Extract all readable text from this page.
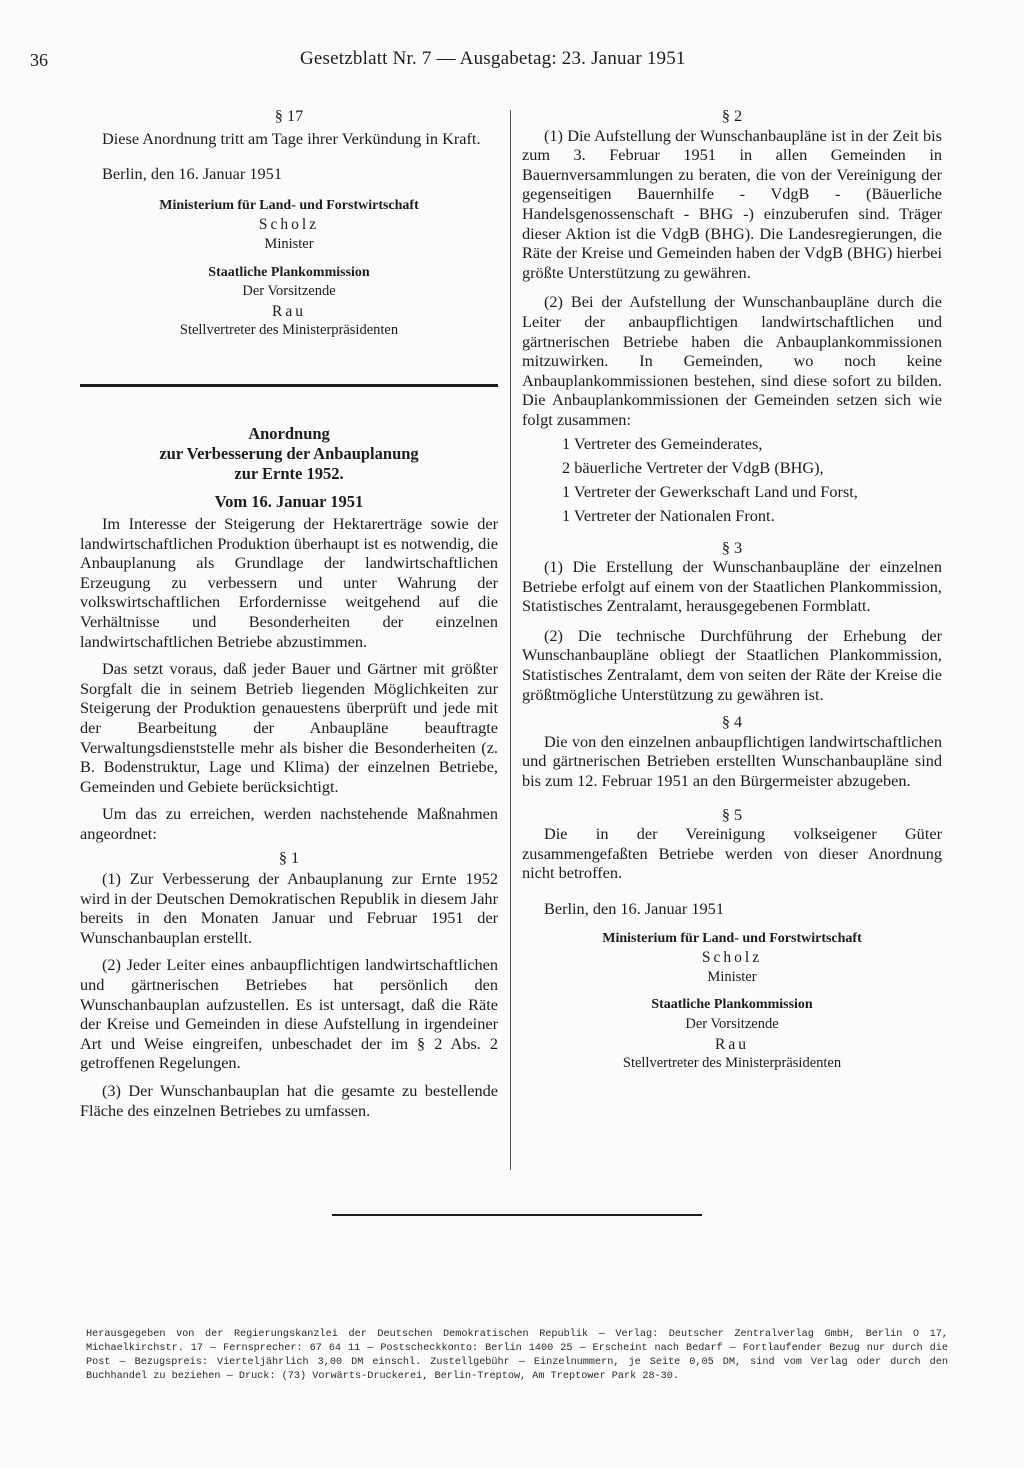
36	Gesetzblatt Nr. 7 — Ausgabetag: 23. Januar 1951
§ 17

Diese Anordnung tritt am Tage ihrer Verkündung in Kraft.

Berlin, den 16. Januar 1951

Ministerium für Land- und Forstwirtschaft
Scholz
Minister
Staatliche Plankommission
Der Vorsitzende
Rau
Stellvertreter des Ministerpräsidenten
Anordnung
zur Verbesserung der Anbauplanung
zur Ernte 1952.
Vom 16. Januar 1951

Im Interesse der Steigerung der Hektarerträge sowie der landwirtschaftlichen Produktion überhaupt ist es notwendig, die Anbauplanung als Grundlage der landwirtschaftlichen Erzeugung zu verbessern und unter Wahrung der volkswirtschaftlichen Erfordernisse weitgehend auf die Verhältnisse und Besonderheiten der einzelnen landwirtschaftlichen Betriebe abzustimmen.

Das setzt voraus, daß jeder Bauer und Gärtner mit größter Sorgfalt die in seinem Betrieb liegenden Möglichkeiten zur Steigerung der Produktion genauestens überprüft und jede mit der Bearbeitung der Anbaupläne beauftragte Verwaltungsdienststelle mehr als bisher die Besonderheiten (z. B. Bodenstruktur, Lage und Klima) der einzelnen Betriebe, Gemeinden und Gebiete berücksichtigt.

Um das zu erreichen, werden nachstehende Maßnahmen angeordnet:

§ 1

(1) Zur Verbesserung der Anbauplanung zur Ernte 1952 wird in der Deutschen Demokratischen Republik in diesem Jahr bereits in den Monaten Januar und Februar 1951 der Wunschanbauplan erstellt.

(2) Jeder Leiter eines anbaupflichtigen landwirtschaftlichen und gärtnerischen Betriebes hat persönlich den Wunschanbauplan aufzustellen. Es ist untersagt, daß die Räte der Kreise und Gemeinden in diese Aufstellung in irgendeiner Art und Weise eingreifen, unbeschadet der im § 2 Abs. 2 getroffenen Regelungen.

(3) Der Wunschanbauplan hat die gesamte zu bestellende Fläche des einzelnen Betriebes zu umfassen.

§ 2

(1) Die Aufstellung der Wunschanbaupläne ist in der Zeit bis zum 3. Februar 1951 in allen Gemeinden in Bauernversammlungen zu beraten, die von der Vereinigung der gegenseitigen Bauernhilfe - VdgB - (Bäuerliche Handelsgenossenschaft - BHG -) einzuberufen sind. Träger dieser Aktion ist die VdgB (BHG). Die Landesregierungen, die Räte der Kreise und Gemeinden haben der VdgB (BHG) hierbei größte Unterstützung zu gewähren.

(2) Bei der Aufstellung der Wunschanbaupläne durch die Leiter der anbaupflichtigen landwirtschaftlichen und gärtnerischen Betriebe haben die Anbauplankommissionen mitzuwirken. In Gemeinden, wo noch keine Anbauplankommissionen bestehen, sind diese sofort zu bilden. Die Anbauplankommissionen der Gemeinden setzen sich wie folgt zusammen:

1 Vertreter des Gemeinderates,
2 bäuerliche Vertreter der VdgB (BHG),
1 Vertreter der Gewerkschaft Land und Forst,
1 Vertreter der Nationalen Front.
§ 3

(1) Die Erstellung der Wunschanbaupläne der einzelnen Betriebe erfolgt auf einem von der Staatlichen Plankommission, Statistisches Zentralamt, herausgegebenen Formblatt.

(2) Die technische Durchführung der Erhebung der Wunschanbaupläne obliegt der Staatlichen Plankommission, Statistisches Zentralamt, dem von seiten der Räte der Kreise die größtmögliche Unterstützung zu gewähren ist.

§ 4

Die von den einzelnen anbaupflichtigen landwirtschaftlichen und gärtnerischen Betrieben erstellten Wunschanbaupläne sind bis zum 12. Februar 1951 an den Bürgermeister abzugeben.

§ 5

Die in der Vereinigung volkseigener Güter zusammengefaßten Betriebe werden von dieser Anordnung nicht betroffen.

Berlin, den 16. Januar 1951

Ministerium für Land- und Forstwirtschaft
Scholz
Minister
Staatliche Plankommission
Der Vorsitzende
Rau
Stellvertreter des Ministerpräsidenten
Herausgegeben von der Regierungskanzlei der Deutschen Demokratischen Republik — Verlag: Deutscher Zentralverlag GmbH, Berlin O 17, Michaelkirchstr. 17 — Fernsprecher: 67 64 11 — Postscheckkonto: Berlin 1400 25 — Erscheint nach Bedarf — Fortlaufender Bezug nur durch die Post — Bezugspreis: Vierteljährlich 3,00 DM einschl. Zustellgebühr — Einzelnummern, je Seite 0,05 DM, sind vom Verlag oder durch den Buchhandel zu beziehen — Druck: (73) Vorwärts-Druckerei, Berlin-Treptow, Am Treptower Park 28-30.
